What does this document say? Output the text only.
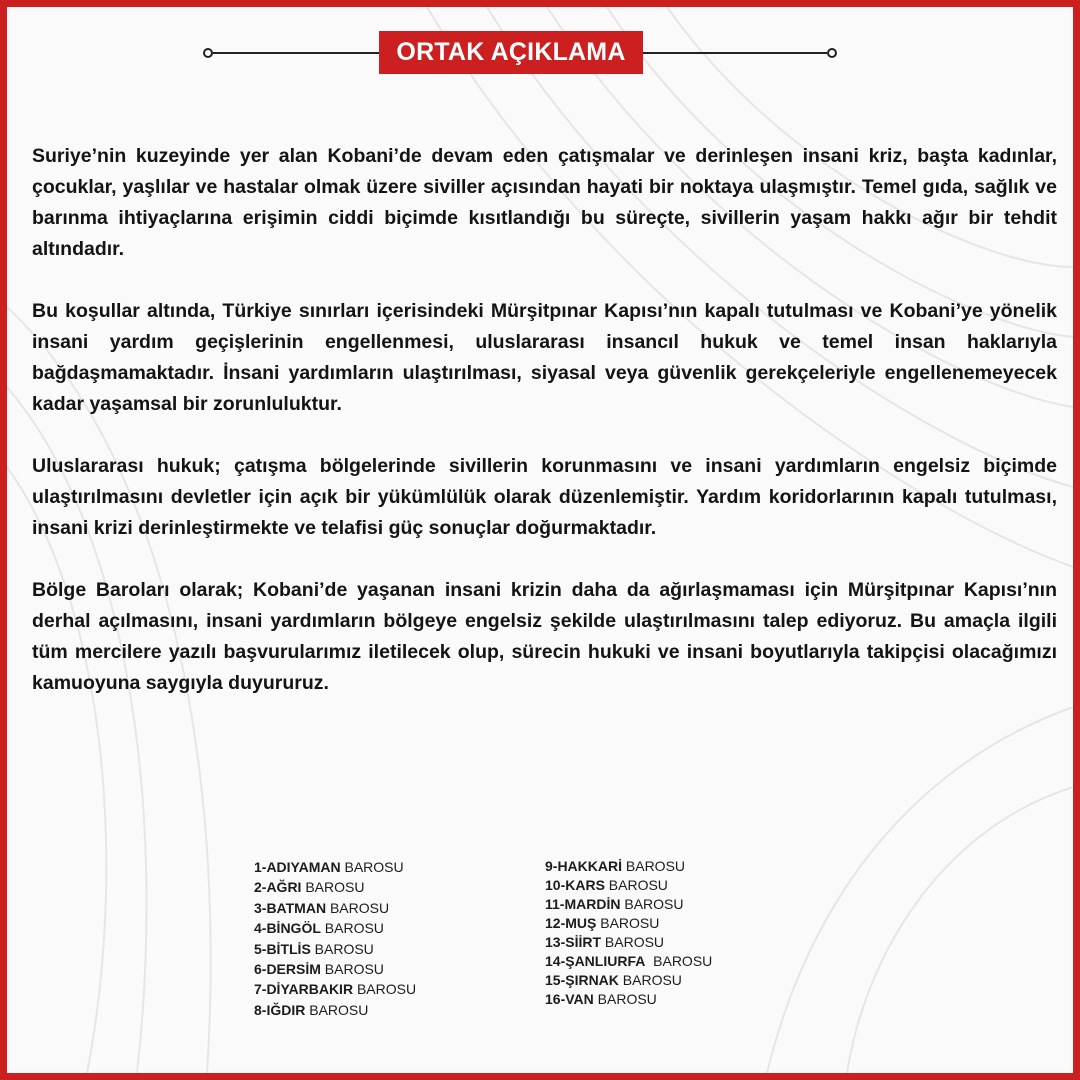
ORTAK AÇIKLAMA

Suriye’nin kuzeyinde yer alan Kobani’de devam eden çatışmalar ve derinleşen insani kriz, başta kadınlar, çocuklar, yaşlılar ve hastalar olmak üzere siviller açısından hayati bir noktaya ulaşmıştır. Temel gıda, sağlık ve barınma ihtiyaçlarına erişimin ciddi biçimde kısıtlandığı bu süreçte, sivillerin yaşam hakkı ağır bir tehdit altındadır.

Bu koşullar altında, Türkiye sınırları içerisindeki Mürşitpınar Kapısı’nın kapalı tutulması ve Kobani’ye yönelik insani yardım geçişlerinin engellenmesi, uluslararası insancıl hukuk ve temel insan haklarıyla bağdaşmamaktadır. İnsani yardımların ulaştırılması, siyasal veya güvenlik gerekçeleriyle engellenemeyecek kadar yaşamsal bir zorunluluktur.

Uluslararası hukuk; çatışma bölgelerinde sivillerin korunmasını ve insani yardımların engelsiz biçimde ulaştırılmasını devletler için açık bir yükümlülük olarak düzenlemiştir. Yardım koridorlarının kapalı tutulması, insani krizi derinleştirmekte ve telafisi güç sonuçlar doğurmaktadır.

Bölge Baroları olarak; Kobani’de yaşanan insani krizin daha da ağırlaşmaması için Mürşitpınar Kapısı’nın derhal açılmasını, insani yardımların bölgeye engelsiz şekilde ulaştırılmasını talep ediyoruz. Bu amaçla ilgili tüm mercilere yazılı başvurularımız iletilecek olup, sürecin hukuki ve insani boyutlarıyla takipçisi olacağımızı kamuoyuna saygıyla duyururuz.

1-ADIYAMAN BAROSU
2-AĞRI BAROSU
3-BATMAN BAROSU
4-BİNGÖL BAROSU
5-BİTLİS BAROSU
6-DERSİM BAROSU
7-DİYARBAKIR BAROSU
8-IĞDIR BAROSU
9-HAKKARİ BAROSU
10-KARS BAROSU
11-MARDİN BAROSU
12-MUŞ BAROSU
13-SİİRT BAROSU
14-ŞANLIURFA BAROSU
15-ŞIRNAK BAROSU
16-VAN BAROSU
